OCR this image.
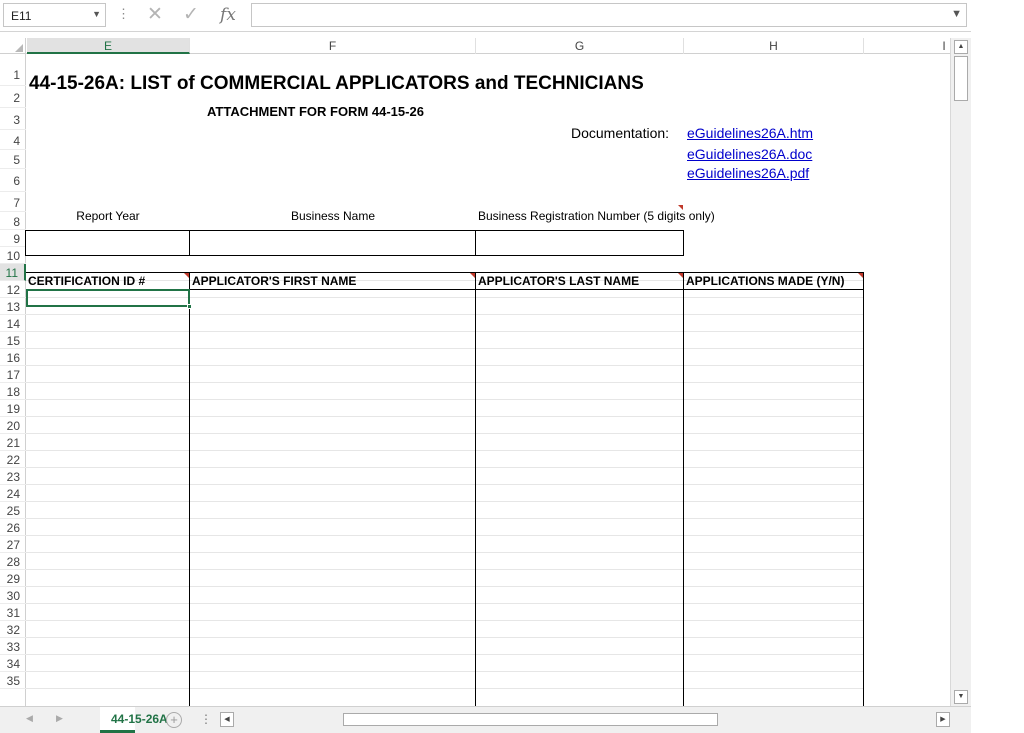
E11	▼ ⋮ ✕	✓	fx	▼
E	F	G	H	I
1
2
3
4
5
6
7
8
9
10
11
12
13
14
15
16
17
18
19
20
21
22
23
24
25
26
27
28
29
30
31
32
33
34
35
44-15-26A: LIST of COMMERCIAL APPLICATORS and TECHNICIANS
ATTACHMENT FOR FORM 44-15-26
Documentation: eGuidelines26A.htm
eGuidelines26A.doc
eGuidelines26A.pdf
Report Year	Business Name	Business Registration Number (5 digits only)
CERTIFICATION ID #	APPLICATOR'S FIRST NAME	APPLICATOR'S LAST NAME	APPLICATIONS MADE (Y/N)
▲
▼
◀	▶	44-15-26A +	⋮	◀	▶
